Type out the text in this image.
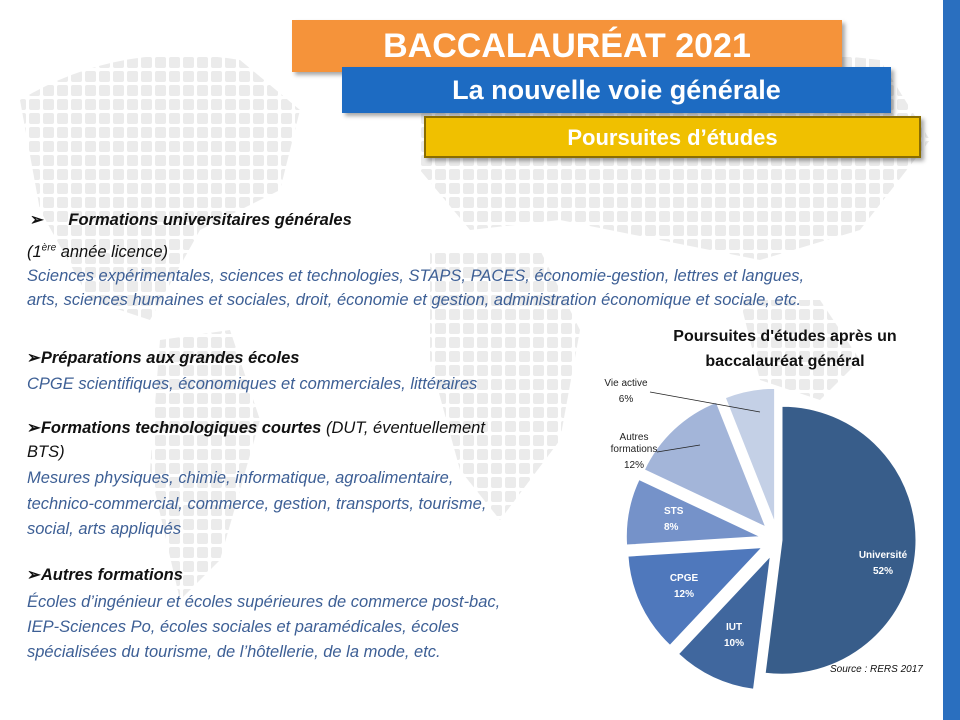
BACCALAURÉAT 2021
La nouvelle voie générale
Poursuites d’études
➢ Formations universitaires générales
(1ère année licence)
Sciences expérimentales, sciences et technologies, STAPS, PACES, économie-gestion, lettres et langues,
arts, sciences humaines et sociales, droit, économie et gestion, administration économique et sociale, etc.
➢Préparations aux grandes écoles
CPGE scientifiques, économiques et commerciales, littéraires
➢Formations technologiques courtes (DUT, éventuellement
BTS)
Mesures physiques, chimie, informatique, agroalimentaire,
technico-commercial, commerce, gestion, transports, tourisme,
social, arts appliqués
➢Autres formations
Écoles d’ingénieur et écoles supérieures de commerce post-bac,
IEP-Sciences Po, écoles sociales et paramédicales, écoles
spécialisées du tourisme, de l’hôtellerie, de la mode, etc.
Poursuites d'études après un
baccalauréat général
Université 52%
IUT 10%
CPGE 12%
STS 8%
Autres formations 12%
Vie active 6%
Source : RERS 2017
